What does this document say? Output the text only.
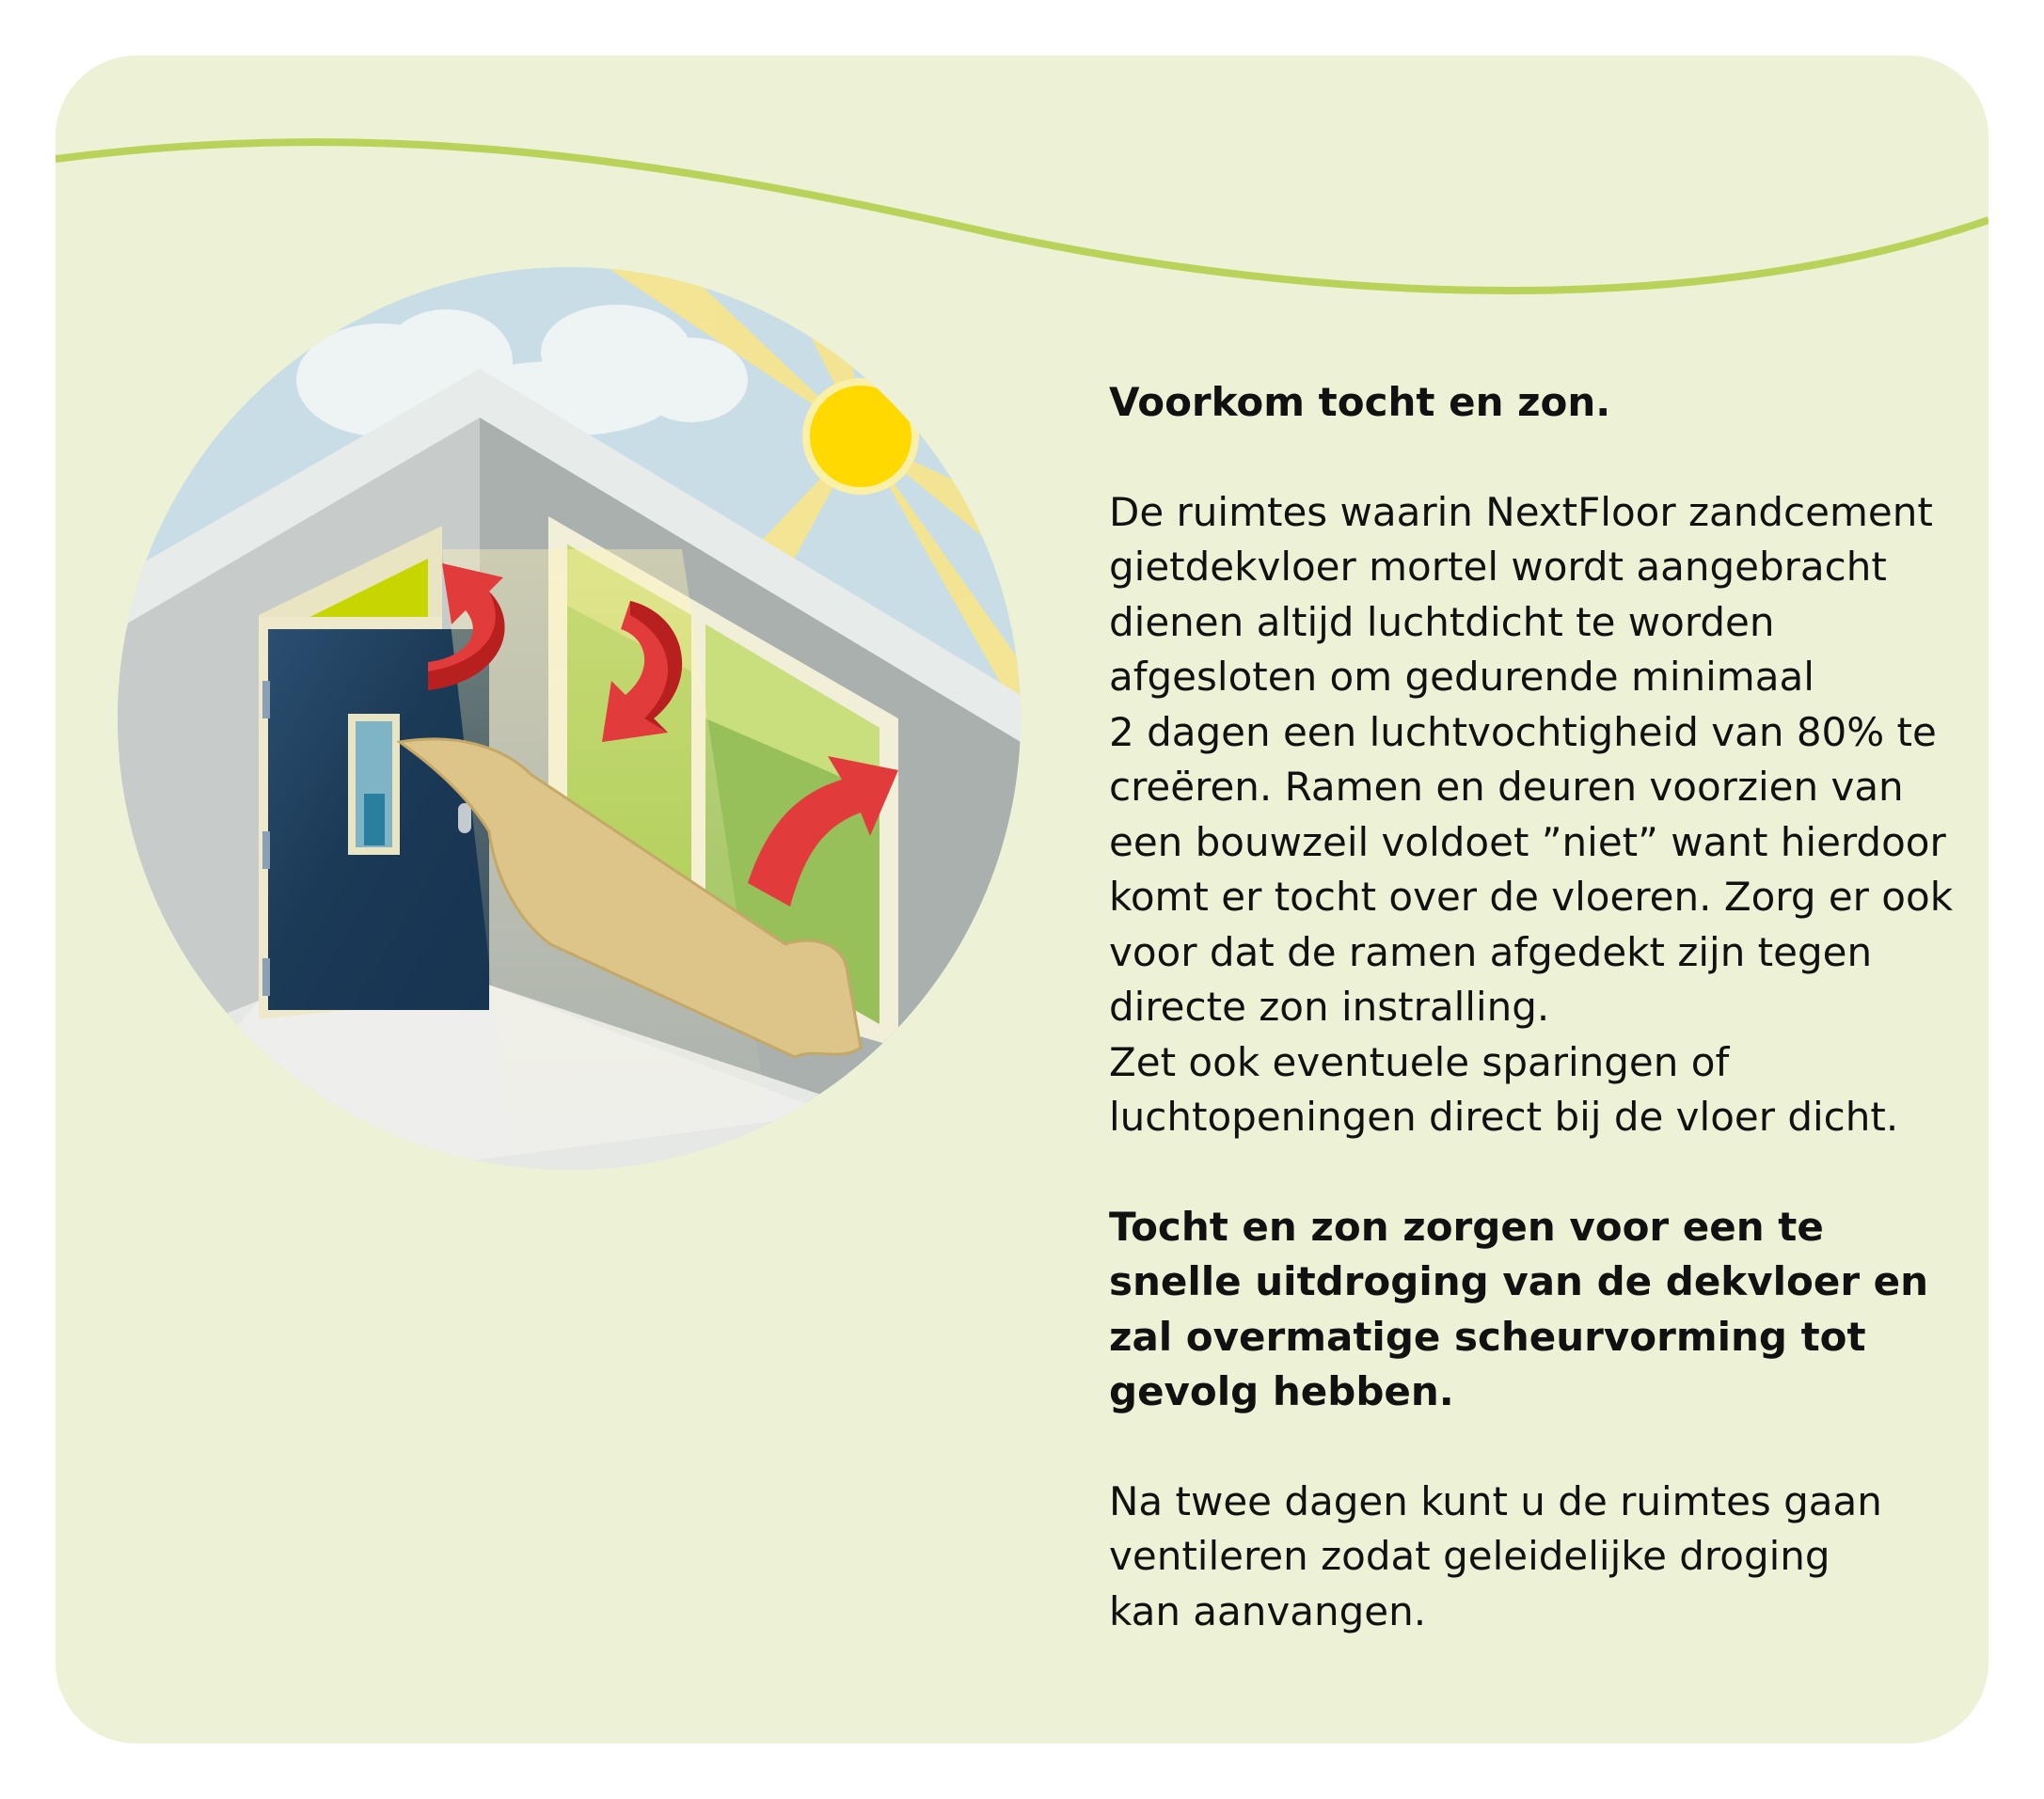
Voorkom tocht en zon.
De ruimtes waarin NextFloor zandcement
gietdekvloer mortel wordt aangebracht
dienen altijd luchtdicht te worden
afgesloten om gedurende minimaal
2 dagen een luchtvochtigheid van 80% te
creëren. Ramen en deuren voorzien van
een bouwzeil voldoet ”niet” want hierdoor
komt er tocht over de vloeren. Zorg er ook
voor dat de ramen afgedekt zijn tegen
directe zon instralling.
Zet ook eventuele sparingen of
luchtopeningen direct bij de vloer dicht.
Tocht en zon zorgen voor een te
snelle uitdroging van de dekvloer en
zal overmatige scheurvorming tot
gevolg hebben.
Na twee dagen kunt u de ruimtes gaan
ventileren zodat geleidelijke droging
kan aanvangen.
